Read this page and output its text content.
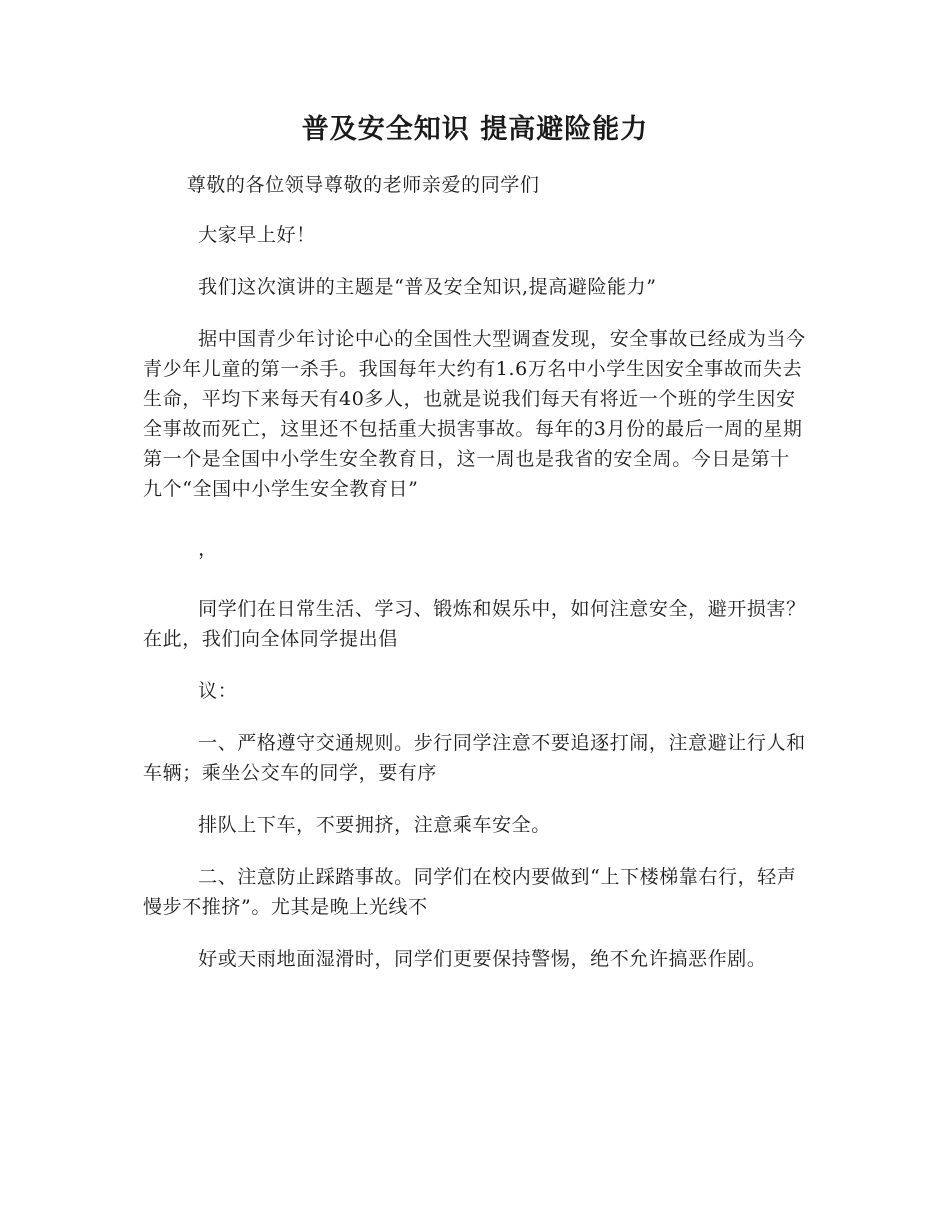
普及安全知识 提高避险能力

尊敬的各位领导尊敬的老师亲爱的同学们

大家早上好！

我们这次演讲的主题是“普及安全知识,提高避险能力”

据中国青少年讨论中心的全国性大型调查发现，安全事故已经成为当今青少年儿童的第一杀手。我国每年大约有1.6万名中小学生因安全事故而失去生命，平均下来每天有40多人，也就是说我们每天有将近一个班的学生因安全事故而死亡，这里还不包括重大损害事故。每年的3月份的最后一周的星期第一个是全国中小学生安全教育日，这一周也是我省的安全周。今日是第十九个“全国中小学生安全教育日”

，

同学们在日常生活、学习、锻炼和娱乐中，如何注意安全，避开损害？在此，我们向全体同学提出倡

议：

一、严格遵守交通规则。步行同学注意不要追逐打闹，注意避让行人和车辆；乘坐公交车的同学，要有序

排队上下车，不要拥挤，注意乘车安全。

二、注意防止踩踏事故。同学们在校内要做到“上下楼梯靠右行，轻声慢步不推挤”。尤其是晚上光线不

好或天雨地面湿滑时，同学们更要保持警惕，绝不允许搞恶作剧。
